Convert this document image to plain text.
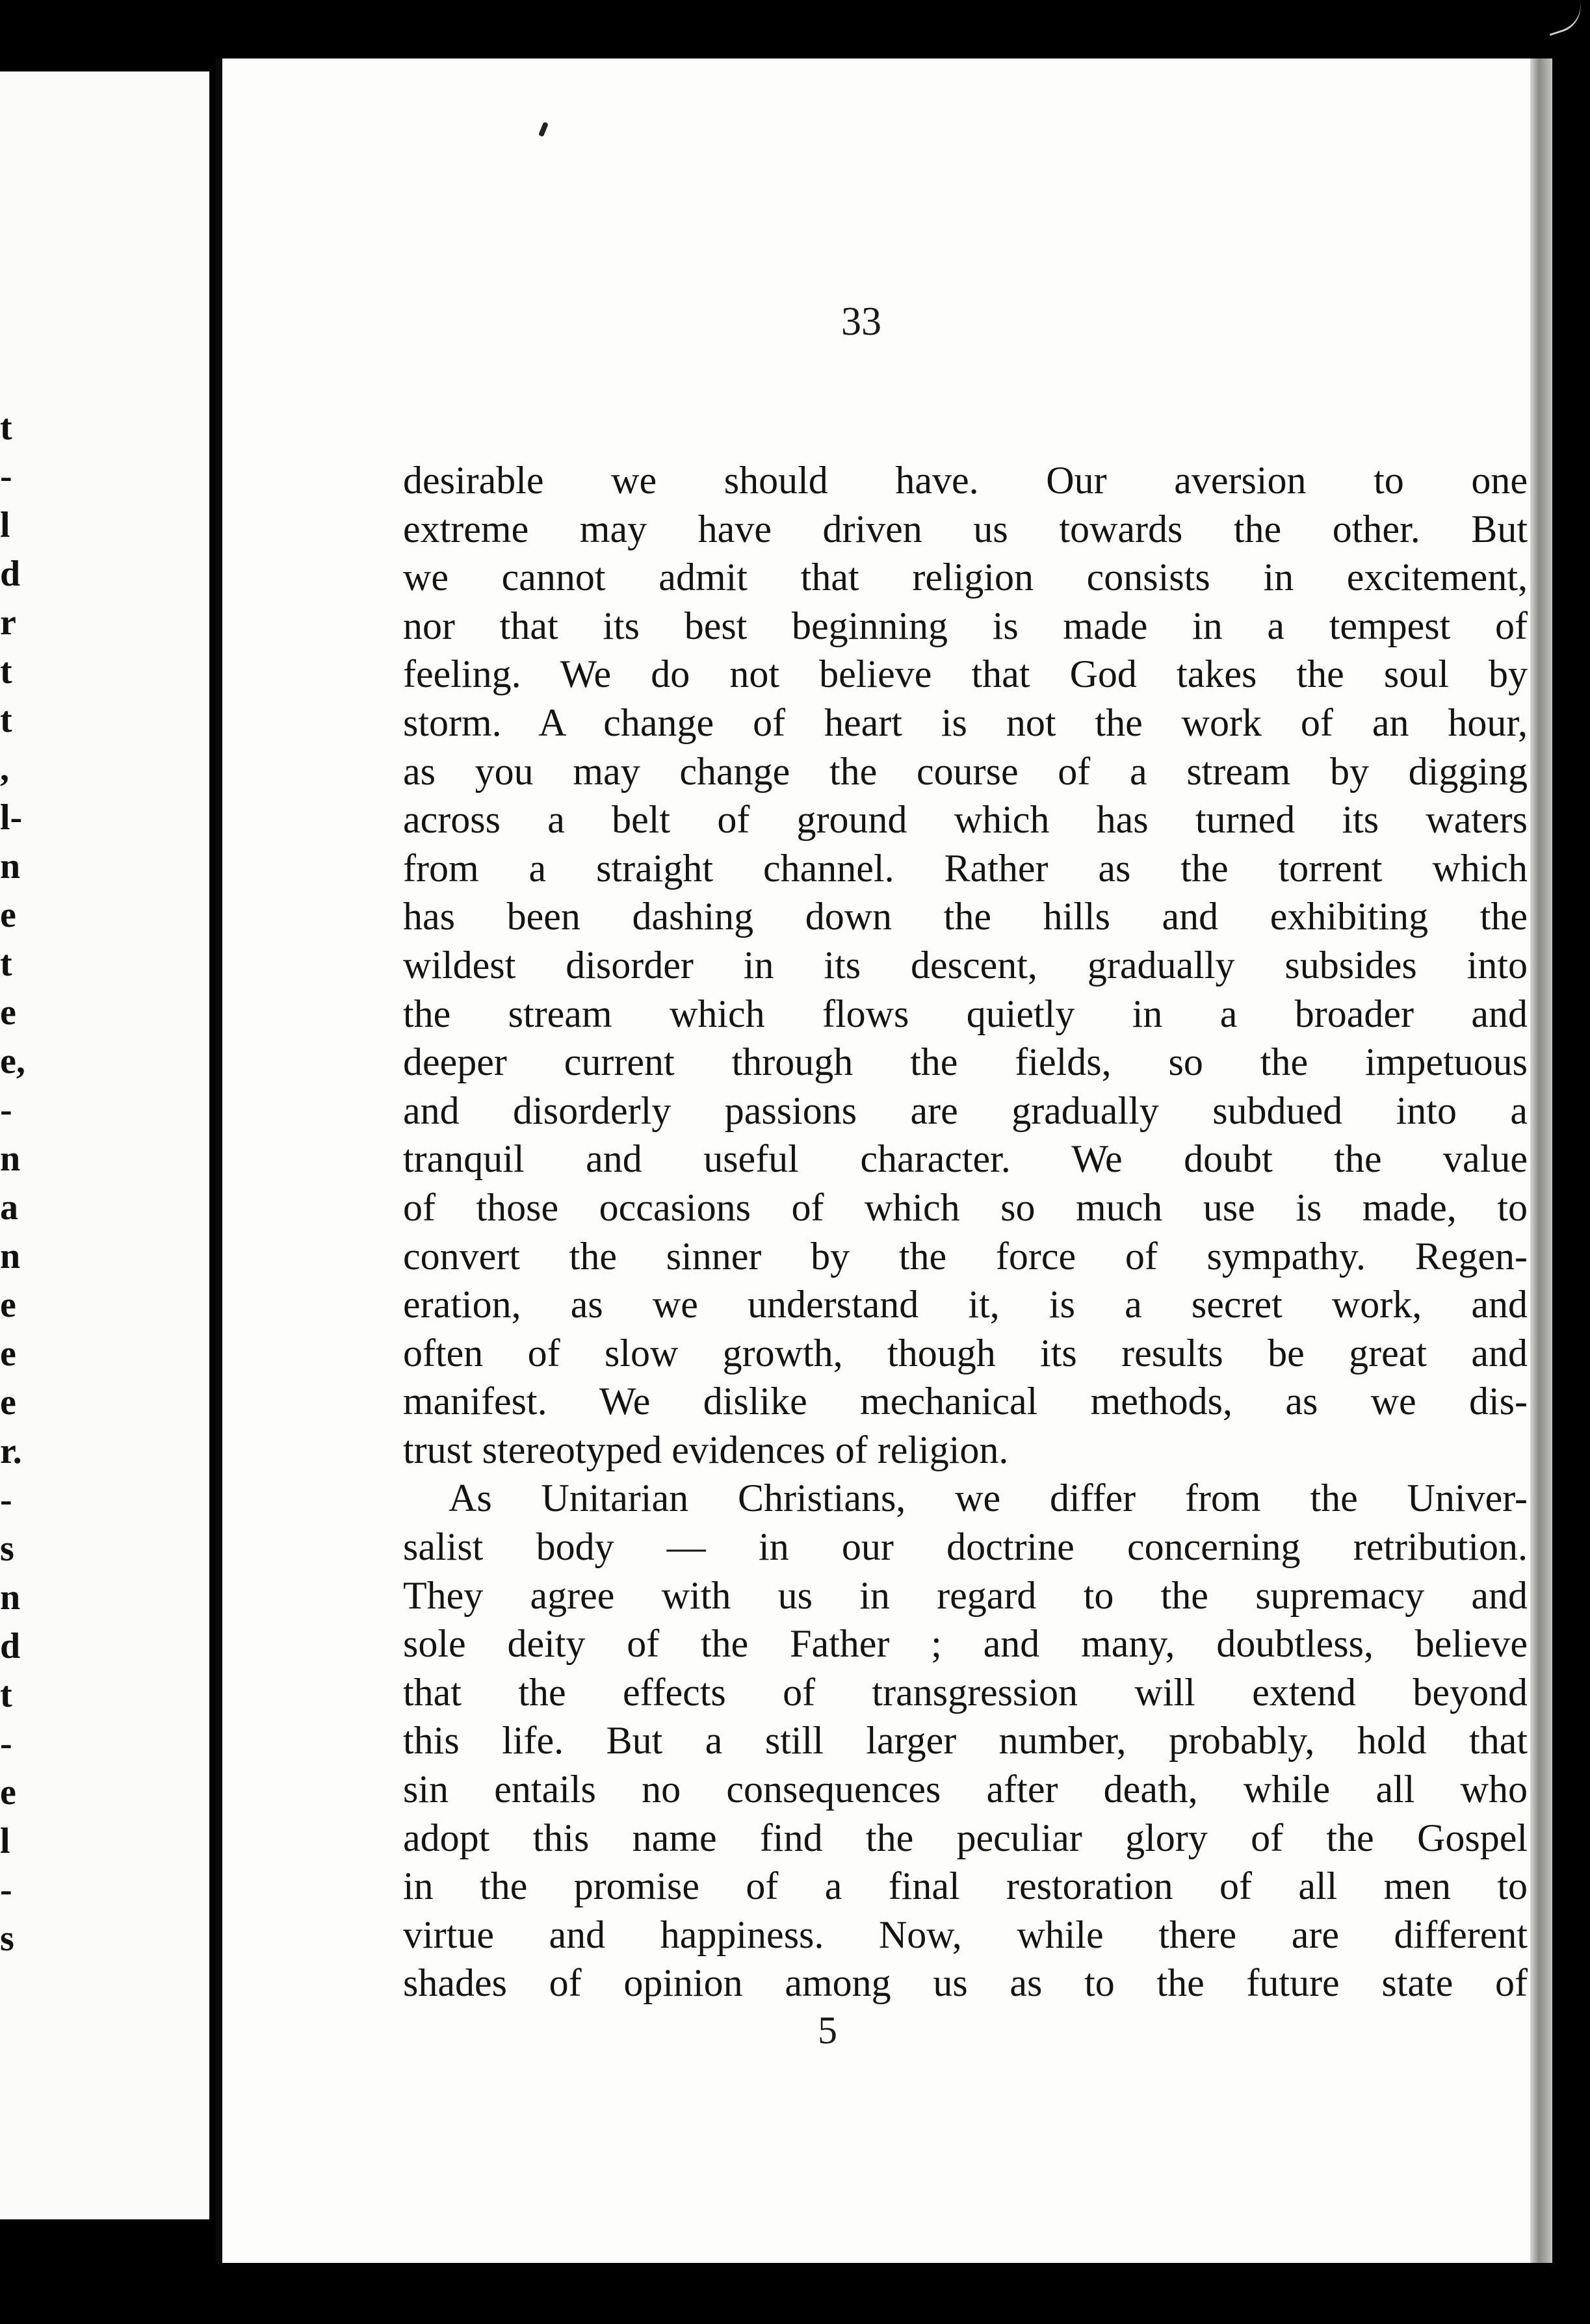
t
-
l
d
r
t
t
,
l-
n
e
t
e
e,
-
n
a
n
e
e
e
r.
-
s
n
d
t
-
e
l
-
s
33
desirable we should have. Our aversion to one
extreme may have driven us towards the other. But
we cannot admit that religion consists in excitement,
nor that its best beginning is made in a tempest of
feeling. We do not believe that God takes the soul by
storm. A change of heart is not the work of an hour,
as you may change the course of a stream by digging
across a belt of ground which has turned its waters
from a straight channel. Rather as the torrent which
has been dashing down the hills and exhibiting the
wildest disorder in its descent, gradually subsides into
the stream which flows quietly in a broader and
deeper current through the fields, so the impetuous
and disorderly passions are gradually subdued into a
tranquil and useful character. We doubt the value
of those occasions of which so much use is made, to
convert the sinner by the force of sympathy. Regen-
eration, as we understand it, is a secret work, and
often of slow growth, though its results be great and
manifest. We dislike mechanical methods, as we dis-
trust stereotyped evidences of religion.
As Unitarian Christians, we differ from the Univer-
salist body — in our doctrine concerning retribution.
They agree with us in regard to the supremacy and
sole deity of the Father ; and many, doubtless, believe
that the effects of transgression will extend beyond
this life. But a still larger number, probably, hold that
sin entails no consequences after death, while all who
adopt this name find the peculiar glory of the Gospel
in the promise of a final restoration of all men to
virtue and happiness. Now, while there are different
shades of opinion among us as to the future state of
5
